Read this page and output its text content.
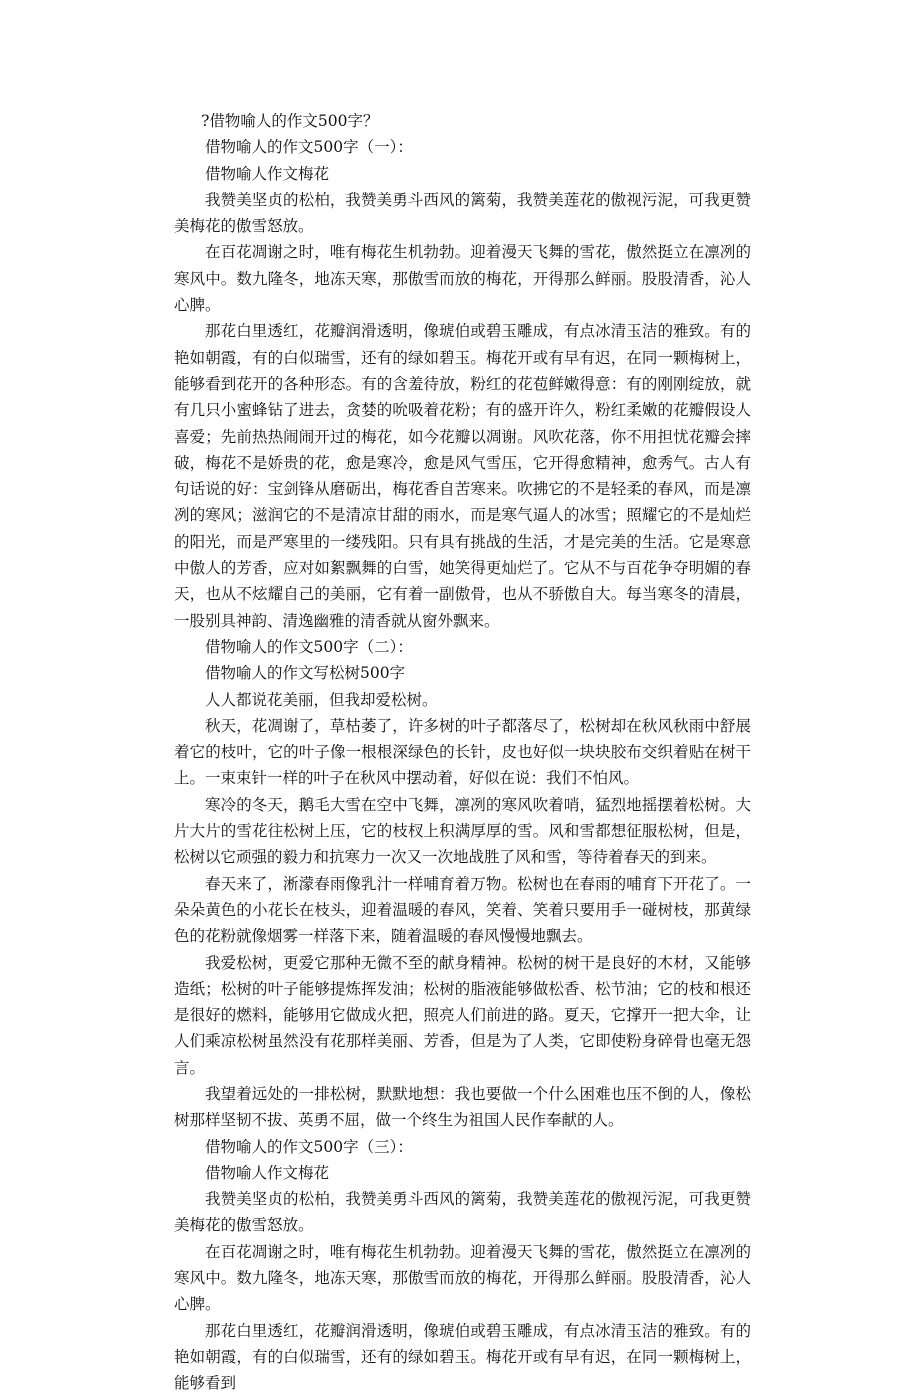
?借物喻人的作文500字？

借物喻人的作文500字（一）：

借物喻人作文梅花

我赞美坚贞的松柏，我赞美勇斗西风的篱菊，我赞美莲花的傲视污泥，可我更赞美梅花的傲雪怒放。

在百花凋谢之时，唯有梅花生机勃勃。迎着漫天飞舞的雪花，傲然挺立在凛冽的寒风中。数九隆冬，地冻天寒，那傲雪而放的梅花，开得那么鲜丽。股股清香，沁人心脾。

那花白里透红，花瓣润滑透明，像琥伯或碧玉雕成，有点冰清玉洁的雅致。有的艳如朝霞，有的白似瑞雪，还有的绿如碧玉。梅花开或有早有迟，在同一颗梅树上，能够看到花开的各种形态。有的含羞待放，粉红的花苞鲜嫩得意：有的刚刚绽放，就有几只小蜜蜂钻了进去，贪婪的吮吸着花粉；有的盛开许久，粉红柔嫩的花瓣假设人喜爱；先前热热闹闹开过的梅花，如今花瓣以凋谢。风吹花落，你不用担忧花瓣会摔破，梅花不是娇贵的花，愈是寒冷，愈是风气雪压，它开得愈精神，愈秀气。古人有句话说的好：宝剑锋从磨砺出，梅花香自苦寒来。吹拂它的不是轻柔的春风，而是凛冽的寒风；滋润它的不是清凉甘甜的雨水，而是寒气逼人的冰雪；照耀它的不是灿烂的阳光，而是严寒里的一缕残阳。只有具有挑战的生活，才是完美的生活。它是寒意中傲人的芳香，应对如絮飘舞的白雪，她笑得更灿烂了。它从不与百花争夺明媚的春天，也从不炫耀自己的美丽，它有着一副傲骨，也从不骄傲自大。每当寒冬的清晨，一股别具神韵、清逸幽雅的清香就从窗外飘来。

借物喻人的作文500字（二）：

借物喻人的作文写松树500字

人人都说花美丽，但我却爱松树。

秋天，花凋谢了，草枯萎了，许多树的叶子都落尽了，松树却在秋风秋雨中舒展着它的枝叶，它的叶子像一根根深绿色的长针，皮也好似一块块胶布交织着贴在树干上。一束束针一样的叶子在秋风中摆动着，好似在说：我们不怕风。

寒冷的冬天，鹅毛大雪在空中飞舞，凛冽的寒风吹着哨，猛烈地摇摆着松树。大片大片的雪花往松树上压，它的枝杈上积满厚厚的雪。风和雪都想征服松树，但是，松树以它顽强的毅力和抗寒力一次又一次地战胜了风和雪，等待着春天的到来。

春天来了，淅濛春雨像乳汁一样哺育着万物。松树也在春雨的哺育下开花了。一朵朵黄色的小花长在枝头，迎着温暖的春风，笑着、笑着只要用手一碰树枝，那黄绿色的花粉就像烟雾一样落下来，随着温暖的春风慢慢地飘去。

我爱松树，更爱它那种无微不至的献身精神。松树的树干是良好的木材，又能够造纸；松树的叶子能够提炼挥发油；松树的脂液能够做松香、松节油；它的枝和根还是很好的燃料，能够用它做成火把，照亮人们前进的路。夏天，它撑开一把大伞，让人们乘凉松树虽然没有花那样美丽、芳香，但是为了人类，它即使粉身碎骨也毫无怨言。

我望着远处的一排松树，默默地想：我也要做一个什么困难也压不倒的人，像松树那样坚韧不拔、英勇不屈，做一个终生为祖国人民作奉献的人。

借物喻人的作文500字（三）：

借物喻人作文梅花

我赞美坚贞的松柏，我赞美勇斗西风的篱菊，我赞美莲花的傲视污泥，可我更赞美梅花的傲雪怒放。

在百花凋谢之时，唯有梅花生机勃勃。迎着漫天飞舞的雪花，傲然挺立在凛冽的寒风中。数九隆冬，地冻天寒，那傲雪而放的梅花，开得那么鲜丽。股股清香，沁人心脾。

那花白里透红，花瓣润滑透明，像琥伯或碧玉雕成，有点冰清玉洁的雅致。有的艳如朝霞，有的白似瑞雪，还有的绿如碧玉。梅花开或有早有迟，在同一颗梅树上，能够看到
